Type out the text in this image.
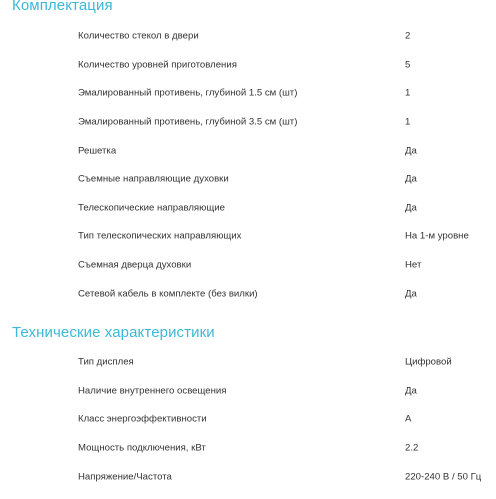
Комплектация
Количество стекол в двери	2
Количество уровней приготовления	5
Эмалированный противень, глубиной 1.5 см (шт)	1
Эмалированный противень, глубиной 3.5 см (шт)	1
Решетка	Да
Съемные направляющие духовки	Да
Телескопические направляющие	Да
Тип телескопических направляющих	На 1-м уровне
Съемная дверца духовки	Нет
Сетевой кабель в комплекте (без вилки)	Да
Технические характеристики
Тип дисплея	Цифровой
Наличие внутреннего освещения	Да
Класс энергоэффективности	А
Мощность подключения, кВт	2.2
Напряжение/Частота	220-240 В / 50 Гц
